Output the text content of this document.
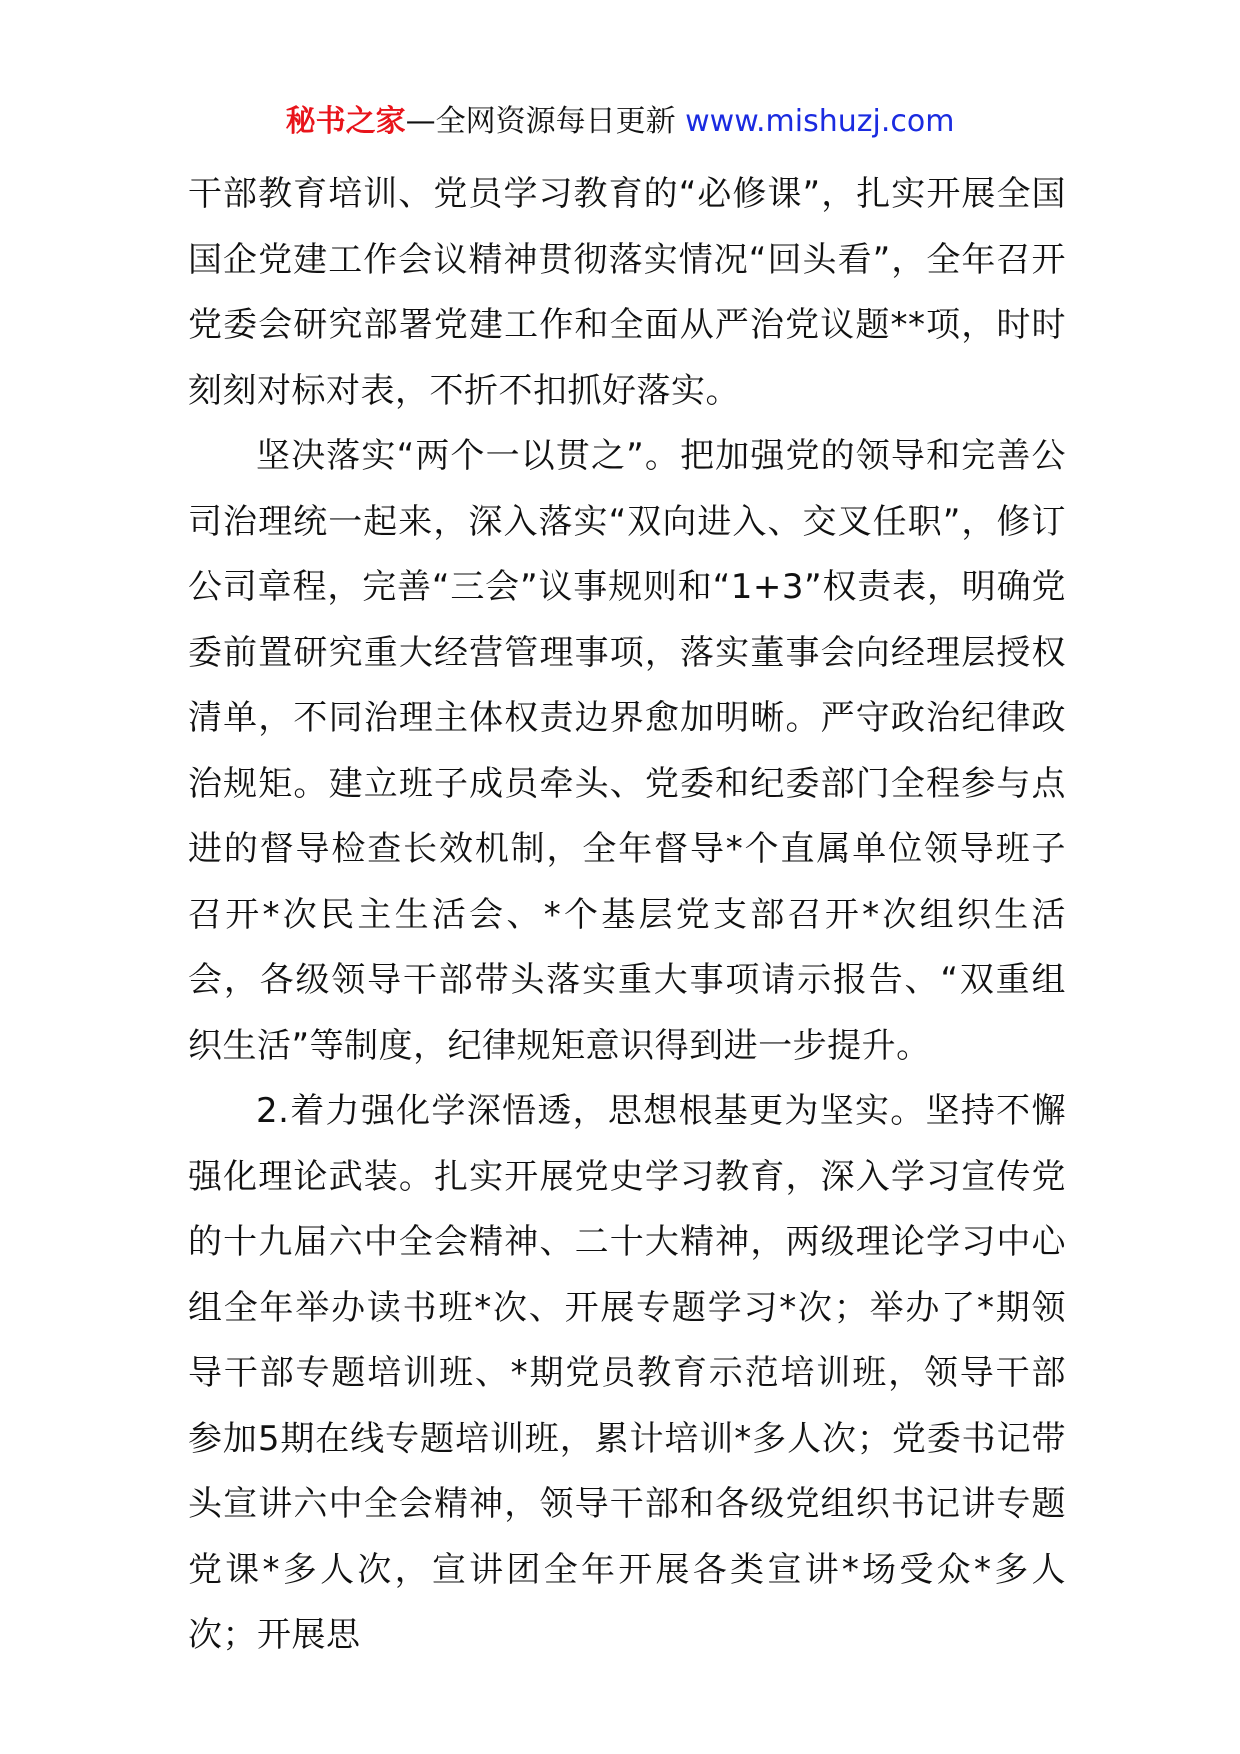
秘书之家—全网资源每日更新 www.mishuzj.com

干部教育培训、党员学习教育的“必修课”，扎实开展全国国企党建工作会议精神贯彻落实情况“回头看”，全年召开党委会研究部署党建工作和全面从严治党议题**项，时时刻刻对标对表，不折不扣抓好落实。

坚决落实“两个一以贯之”。把加强党的领导和完善公司治理统一起来，深入落实“双向进入、交叉任职”，修订公司章程，完善“三会”议事规则和“1+3”权责表，明确党委前置研究重大经营管理事项，落实董事会向经理层授权清单，不同治理主体权责边界愈加明晰。严守政治纪律政治规矩。建立班子成员牵头、党委和纪委部门全程参与点进的督导检查长效机制，全年督导*个直属单位领导班子召开*次民主生活会、*个基层党支部召开*次组织生活会，各级领导干部带头落实重大事项请示报告、“双重组织生活”等制度，纪律规矩意识得到进一步提升。

2.着力强化学深悟透，思想根基更为坚实。坚持不懈强化理论武装。扎实开展党史学习教育，深入学习宣传党的十九届六中全会精神、二十大精神，两级理论学习中心组全年举办读书班*次、开展专题学习*次；举办了*期领导干部专题培训班、*期党员教育示范培训班，领导干部参加5期在线专题培训班，累计培训*多人次；党委书记带头宣讲六中全会精神，领导干部和各级党组织书记讲专题党课*多人次，宣讲团全年开展各类宣讲*场受众*多人次；开展思
